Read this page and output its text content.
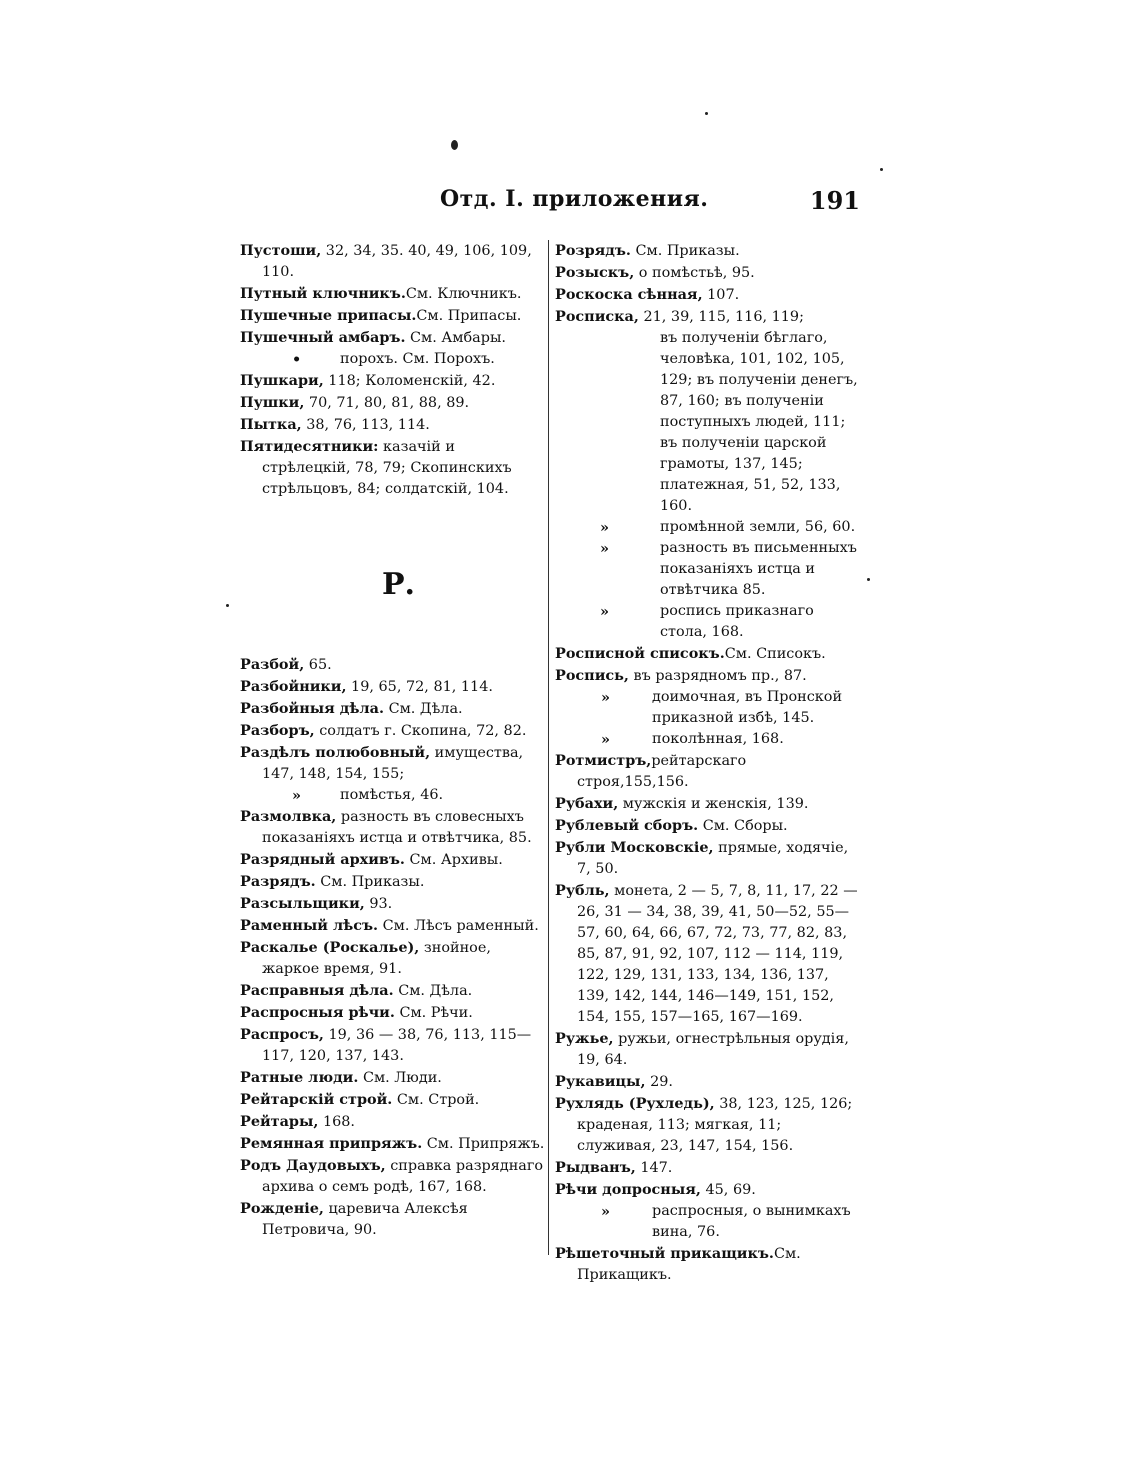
Отд. I. приложения.	191
Пустоши, 32, 34, 35. 40, 49, 106, 109, 110.
Путный ключникъ.См. Ключникъ.
Пушечные припасы.См. Припасы.
Пушечный амбаръ. См. Амбары.
•	порохъ. См. Порохъ.
Пушкари, 118; Коломенскій, 42.
Пушки, 70, 71, 80, 81, 88, 89.
Пытка, 38, 76, 113, 114.
Пятидесятники: казачій и стрѣлецкій, 78, 79; Скопинскихъ стрѣльцовъ, 84; солдатскій, 104.
Р.
Разбой, 65.
Разбойники, 19, 65, 72, 81, 114.
Разбойныя дѣла. См. Дѣла.
Разборъ, солдатъ г. Скопина, 72, 82.
Раздѣлъ полюбовный, имущества, 147, 148, 154, 155;
»	помѣстья, 46.
Размолвка, разность въ словесныхъ показаніяхъ истца и отвѣтчика, 85.
Разрядный архивъ. См. Архивы.
Разрядъ. См. Приказы.
Разсыльщики, 93.
Раменный лѣсъ. См. Лѣсъ раменный.
Раскалье (Роскалье), знойное, жаркое время, 91.
Расправныя дѣла. См. Дѣла.
Распросныя рѣчи. См. Рѣчи.
Распросъ, 19, 36 — 38, 76, 113, 115—117, 120, 137, 143.
Ратные люди. См. Люди.
Рейтарскій строй. См. Строй.
Рейтары, 168.
Ремянная припряжъ. См. Припряжъ.
Родъ Даудовыхъ, справка разряднаго архива о семъ родѣ, 167, 168.
Рожденіе, царевича Алексѣя Петровича, 90.
Розрядъ. См. Приказы.
Розыскъ, о помѣстьѣ, 95.
Роскоска сѣнная, 107.
Росписка, 21, 39, 115, 116, 119;
въ полученіи бѣглаго, человѣка, 101, 102, 105, 129; въ полученіи денегъ, 87, 160; въ полученіи поступныхъ людей, 111; въ полученіи царской грамоты, 137, 145; платежная, 51, 52, 133, 160.
»	промѣнной земли, 56, 60.
»	разность въ письменныхъ показаніяхъ истца и отвѣтчика 85.
»	роспись приказнаго стола, 168.
Росписной списокъ.См. Списокъ.
Роспись, въ разрядномъ пр., 87.
»	доимочная, въ Пронской приказной избѣ, 145.
»	поколѣнная, 168.
Ротмистръ,рейтарскаго строя,155,156.
Рубахи, мужскія и женскія, 139.
Рублевый сборъ. См. Сборы.
Рубли Московскіе, прямые, ходячіе, 7, 50.
Рубль, монета, 2 — 5, 7, 8, 11, 17, 22 — 26, 31 — 34, 38, 39, 41, 50—52, 55—57, 60, 64, 66, 67, 72, 73, 77, 82, 83, 85, 87, 91, 92, 107, 112 — 114, 119, 122, 129, 131, 133, 134, 136, 137, 139, 142, 144, 146—149, 151, 152, 154, 155, 157—165, 167—169.
Ружье, ружьи, огнестрѣльныя орудія, 19, 64.
Рукавицы, 29.
Рухлядь (Рухледь), 38, 123, 125, 126; краденая, 113; мягкая, 11; служивая, 23, 147, 154, 156.
Рыдванъ, 147.
Рѣчи допросныя, 45, 69.
»	распросныя, о вынимкахъ вина, 76.
Рѣшеточный прикащикъ.См. Прикащикъ.
